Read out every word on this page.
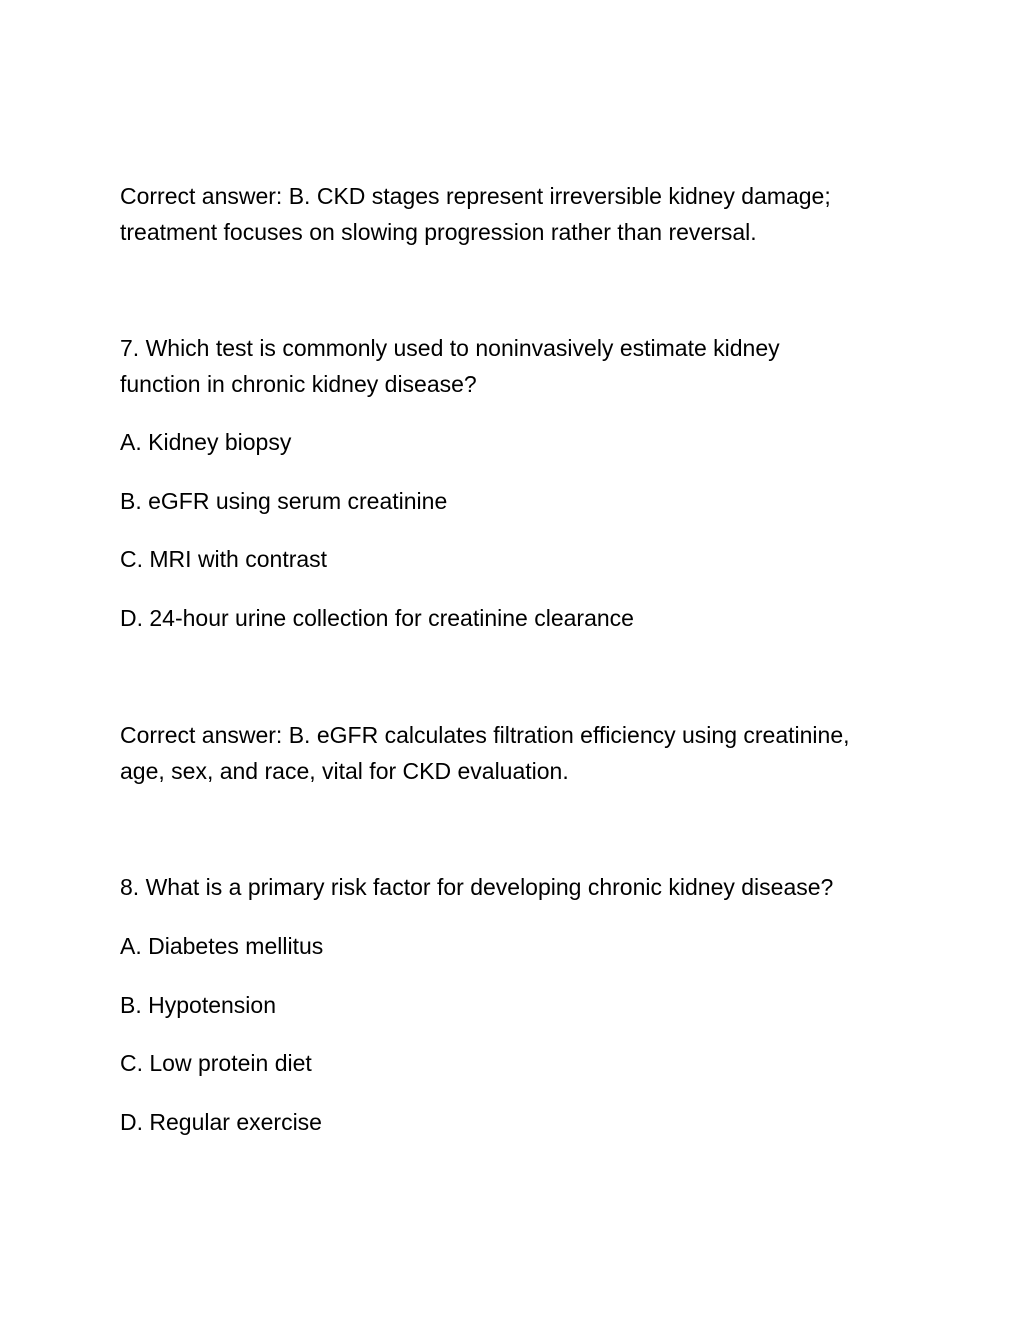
Correct answer: B. CKD stages represent irreversible kidney damage;
treatment focuses on slowing progression rather than reversal.

7. Which test is commonly used to noninvasively estimate kidney
function in chronic kidney disease?

A. Kidney biopsy

B. eGFR using serum creatinine

C. MRI with contrast

D. 24-hour urine collection for creatinine clearance

Correct answer: B. eGFR calculates filtration efficiency using creatinine,
age, sex, and race, vital for CKD evaluation.

8. What is a primary risk factor for developing chronic kidney disease?

A. Diabetes mellitus

B. Hypotension

C. Low protein diet

D. Regular exercise
